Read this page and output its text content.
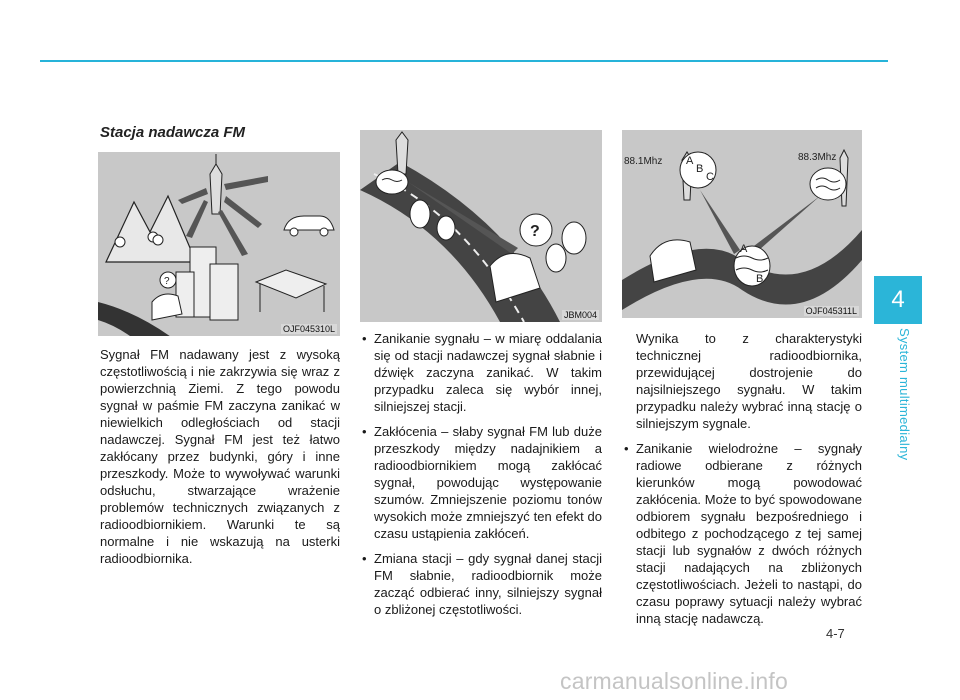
4
System multimedialny
Stacja nadawcza FM
?
OJF045310L
?
JBM004
A
B
C
A
B
88.1Mhz	88.3Mhz
OJF045311L

Sygnał FM nadawany jest z wysoką częstotliwością i nie zakrzywia się wraz z powierzchnią Ziemi. Z tego powodu sygnał w paśmie FM zaczyna zanikać w niewielkich odległościach od stacji nadawczej. Sygnał FM jest też łatwo zakłócany przez budynki, góry i inne przeszkody. Może to wywoływać warunki odsłuchu, stwarzające wrażenie problemów technicznych związanych z radioodbiornikiem. Warunki te są normalne i nie wskazują na usterki radioodbiornika.

• Zanikanie sygnału – w miarę oddalania się od stacji nadawczej sygnał słabnie i dźwięk zaczyna zanikać. W takim przypadku zaleca się wybór innej, silniejszej stacji.
• Zakłócenia – słaby sygnał FM lub duże przeszkody między nadajnikiem a radioodbiornikiem mogą zakłócać sygnał, powodując występowanie szumów. Zmniejszenie poziomu tonów wysokich może zmniejszyć ten efekt do czasu ustąpienia zakłóceń.
• Zmiana stacji – gdy sygnał danej stacji FM słabnie, radioodbiornik może zacząć odbierać inny, silniejszy sygnał o zbliżonej częstotliwości.

Wynika to z charakterystyki technicznej radioodbiornika, przewidującej dostrojenie do najsilniejszego sygnału. W takim przypadku należy wybrać inną stację o silniejszym sygnale.

• Zanikanie wielodrożne – sygnały radiowe odbierane z różnych kierunków mogą powodować zakłócenia. Może to być spowodowane odbiorem sygnału bezpośredniego i odbitego z pochodzącego z tej samej stacji lub sygnałów z dwóch różnych stacji nadających na zbliżonych częstotliwościach. Jeżeli to nastąpi, do czasu poprawy sytuacji należy wybrać inną stację nadawczą.
4-7
carmanualsonline.info
